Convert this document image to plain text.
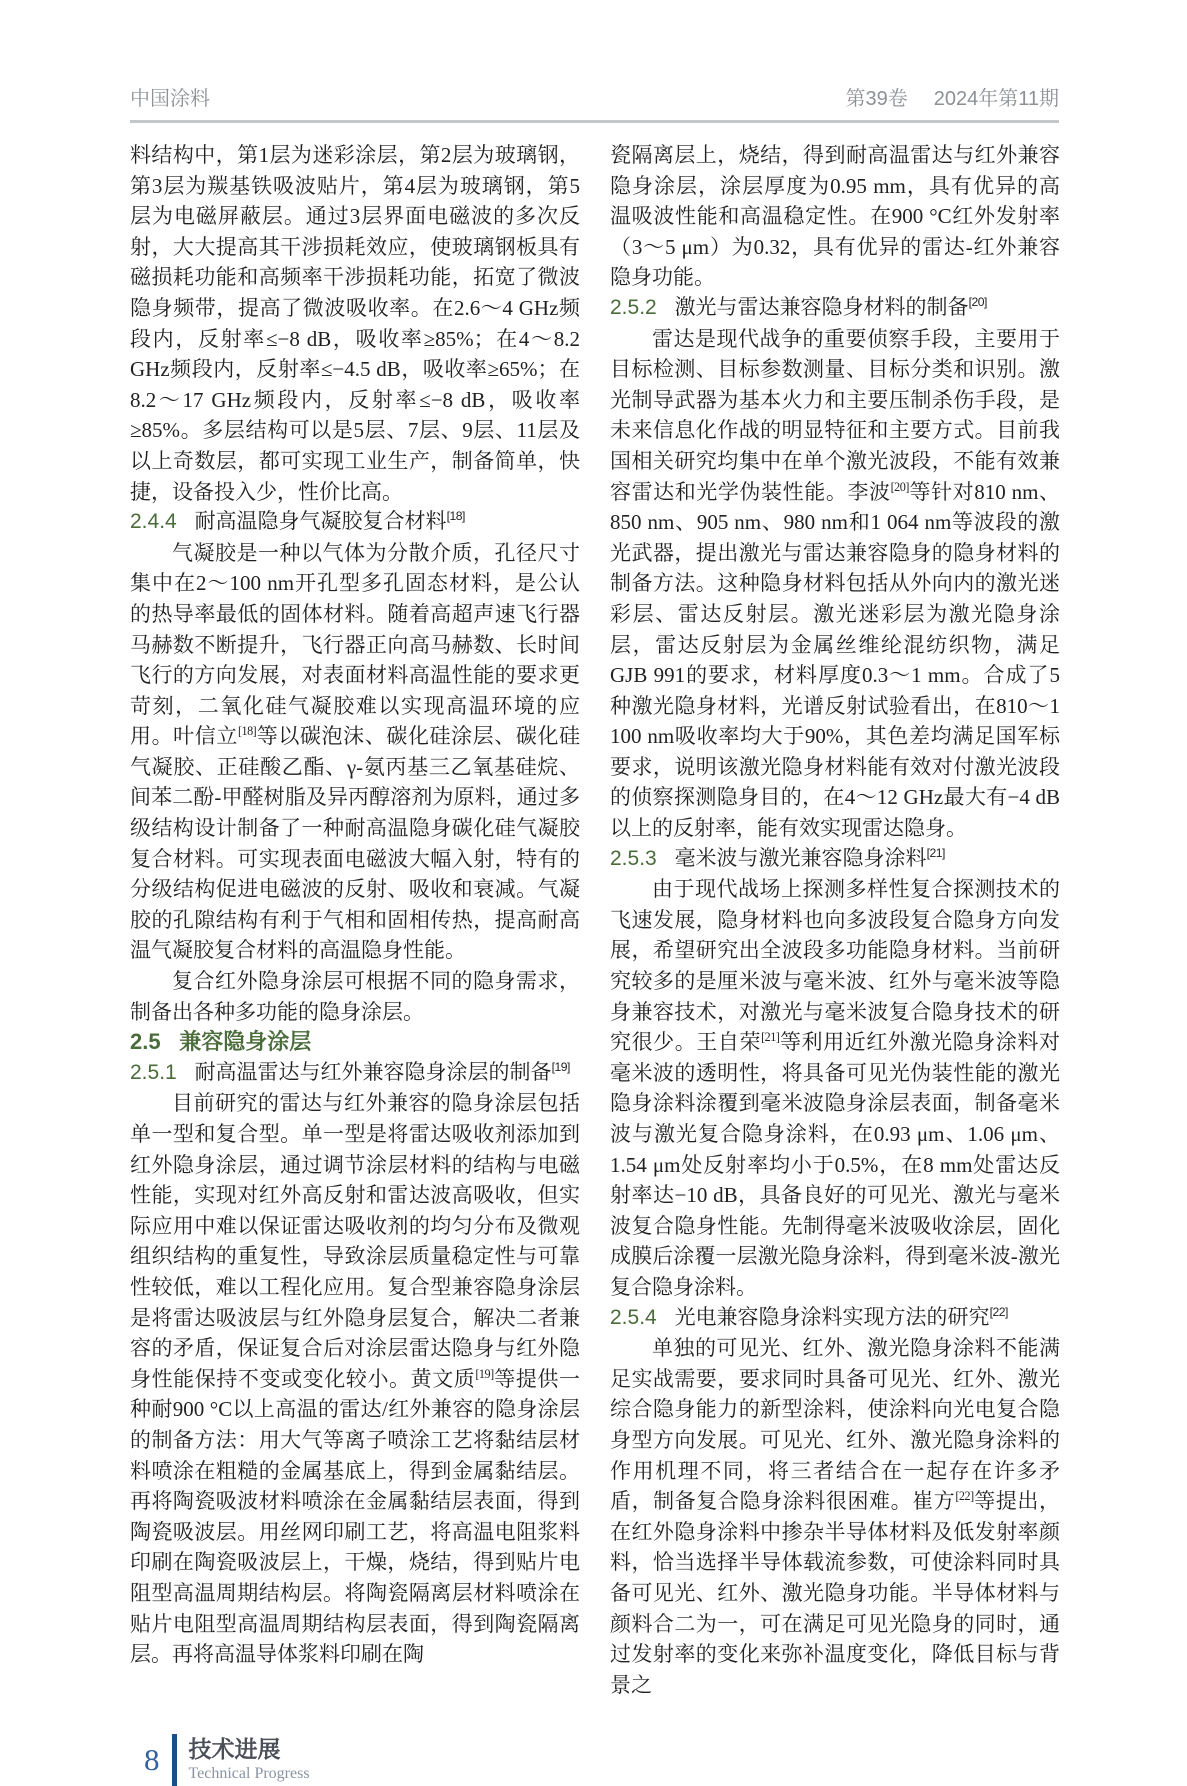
中国涂料	第39卷 2024年第11期

料结构中，第1层为迷彩涂层，第2层为玻璃钢，第3层为羰基铁吸波贴片，第4层为玻璃钢，第5层为电磁屏蔽层。通过3层界面电磁波的多次反射，大大提高其干涉损耗效应，使玻璃钢板具有磁损耗功能和高频率干涉损耗功能，拓宽了微波隐身频带，提高了微波吸收率。在2.6～4 GHz频段内，反射率≤−8 dB，吸收率≥85%；在4～8.2 GHz频段内，反射率≤−4.5 dB，吸收率≥65%；在8.2～17 GHz频段内，反射率≤−8 dB，吸收率≥85%。多层结构可以是5层、7层、9层、11层及以上奇数层，都可实现工业生产，制备简单，快捷，设备投入少，性价比高。

2.4.4 耐高温隐身气凝胶复合材料[18]

气凝胶是一种以气体为分散介质，孔径尺寸集中在2～100 nm开孔型多孔固态材料，是公认的热导率最低的固体材料。随着高超声速飞行器马赫数不断提升，飞行器正向高马赫数、长时间飞行的方向发展，对表面材料高温性能的要求更苛刻，二氧化硅气凝胶难以实现高温环境的应用。叶信立[18]等以碳泡沫、碳化硅涂层、碳化硅气凝胶、正硅酸乙酯、γ-氨丙基三乙氧基硅烷、间苯二酚-甲醛树脂及异丙醇溶剂为原料，通过多级结构设计制备了一种耐高温隐身碳化硅气凝胶复合材料。可实现表面电磁波大幅入射，特有的分级结构促进电磁波的反射、吸收和衰减。气凝胶的孔隙结构有利于气相和固相传热，提高耐高温气凝胶复合材料的高温隐身性能。

复合红外隐身涂层可根据不同的隐身需求，制备出各种多功能的隐身涂层。

2.5 兼容隐身涂层

2.5.1 耐高温雷达与红外兼容隐身涂层的制备[19]

目前研究的雷达与红外兼容的隐身涂层包括单一型和复合型。单一型是将雷达吸收剂添加到红外隐身涂层，通过调节涂层材料的结构与电磁性能，实现对红外高反射和雷达波高吸收，但实际应用中难以保证雷达吸收剂的均匀分布及微观组织结构的重复性，导致涂层质量稳定性与可靠性较低，难以工程化应用。复合型兼容隐身涂层是将雷达吸波层与红外隐身层复合，解决二者兼容的矛盾，保证复合后对涂层雷达隐身与红外隐身性能保持不变或变化较小。黄文质[19]等提供一种耐900 °C以上高温的雷达/红外兼容的隐身涂层的制备方法：用大气等离子喷涂工艺将黏结层材料喷涂在粗糙的金属基底上，得到金属黏结层。再将陶瓷吸波材料喷涂在金属黏结层表面，得到陶瓷吸波层。用丝网印刷工艺，将高温电阻浆料印刷在陶瓷吸波层上，干燥，烧结，得到贴片电阻型高温周期结构层。将陶瓷隔离层材料喷涂在贴片电阻型高温周期结构层表面，得到陶瓷隔离层。再将高温导体浆料印刷在陶

瓷隔离层上，烧结，得到耐高温雷达与红外兼容隐身涂层，涂层厚度为0.95 mm，具有优异的高温吸波性能和高温稳定性。在900 °C红外发射率（3～5 μm）为0.32，具有优异的雷达-红外兼容隐身功能。

2.5.2 激光与雷达兼容隐身材料的制备[20]

雷达是现代战争的重要侦察手段，主要用于目标检测、目标参数测量、目标分类和识别。激光制导武器为基本火力和主要压制杀伤手段，是未来信息化作战的明显特征和主要方式。目前我国相关研究均集中在单个激光波段，不能有效兼容雷达和光学伪装性能。李波[20]等针对810 nm、850 nm、905 nm、980 nm和1 064 nm等波段的激光武器，提出激光与雷达兼容隐身的隐身材料的制备方法。这种隐身材料包括从外向内的激光迷彩层、雷达反射层。激光迷彩层为激光隐身涂层，雷达反射层为金属丝维纶混纺织物，满足GJB 991的要求，材料厚度0.3～1 mm。合成了5种激光隐身材料，光谱反射试验看出，在810～1 100 nm吸收率均大于90%，其色差均满足国军标要求，说明该激光隐身材料能有效对付激光波段的侦察探测隐身目的，在4～12 GHz最大有−4 dB以上的反射率，能有效实现雷达隐身。

2.5.3 毫米波与激光兼容隐身涂料[21]

由于现代战场上探测多样性复合探测技术的飞速发展，隐身材料也向多波段复合隐身方向发展，希望研究出全波段多功能隐身材料。当前研究较多的是厘米波与毫米波、红外与毫米波等隐身兼容技术，对激光与毫米波复合隐身技术的研究很少。王自荣[21]等利用近红外激光隐身涂料对毫米波的透明性，将具备可见光伪装性能的激光隐身涂料涂覆到毫米波隐身涂层表面，制备毫米波与激光复合隐身涂料，在0.93 μm、1.06 μm、1.54 μm处反射率均小于0.5%，在8 mm处雷达反射率达−10 dB，具备良好的可见光、激光与毫米波复合隐身性能。先制得毫米波吸收涂层，固化成膜后涂覆一层激光隐身涂料，得到毫米波-激光复合隐身涂料。

2.5.4 光电兼容隐身涂料实现方法的研究[22]

单独的可见光、红外、激光隐身涂料不能满足实战需要，要求同时具备可见光、红外、激光综合隐身能力的新型涂料，使涂料向光电复合隐身型方向发展。可见光、红外、激光隐身涂料的作用机理不同，将三者结合在一起存在许多矛盾，制备复合隐身涂料很困难。崔方[22]等提出，在红外隐身涂料中掺杂半导体材料及低发射率颜料，恰当选择半导体载流参数，可使涂料同时具备可见光、红外、激光隐身功能。半导体材料与颜料合二为一，可在满足可见光隐身的同时，通过发射率的变化来弥补温度变化，降低目标与背景之

8 技术进展
Technical Progress
